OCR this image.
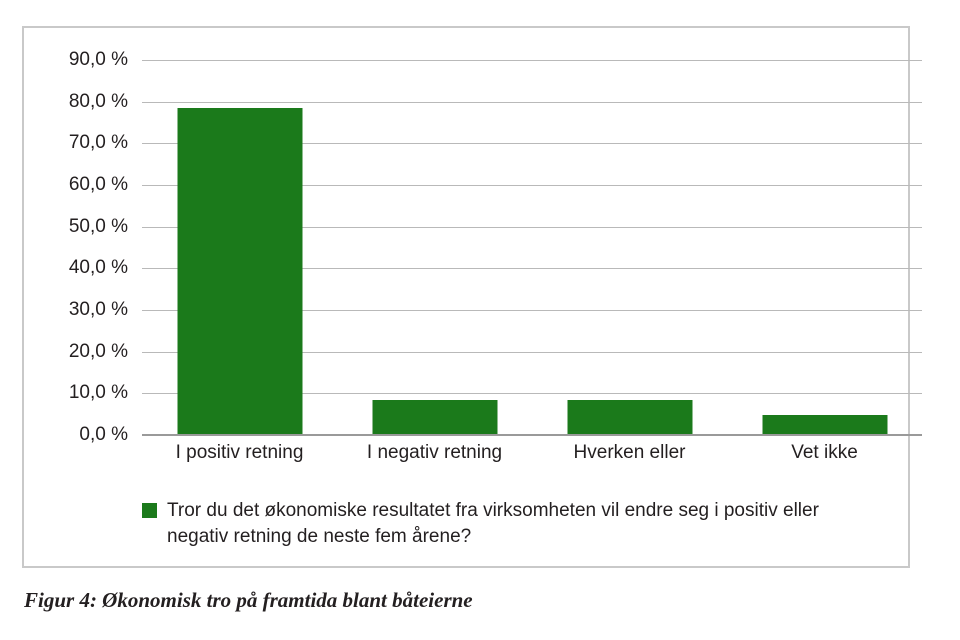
90,0 %
80,0 %
70,0 %
60,0 %
50,0 %
40,0 %
30,0 %
20,0 %
10,0 %
0,0 %
I positiv retning	I negativ retning	Hverken eller	Vet ikke
Tror du det økonomiske resultatet fra virksomheten vil endre seg i positiv eller negativ retning de neste fem årene?
Figur 4: Økonomisk tro på framtida blant båteierne
